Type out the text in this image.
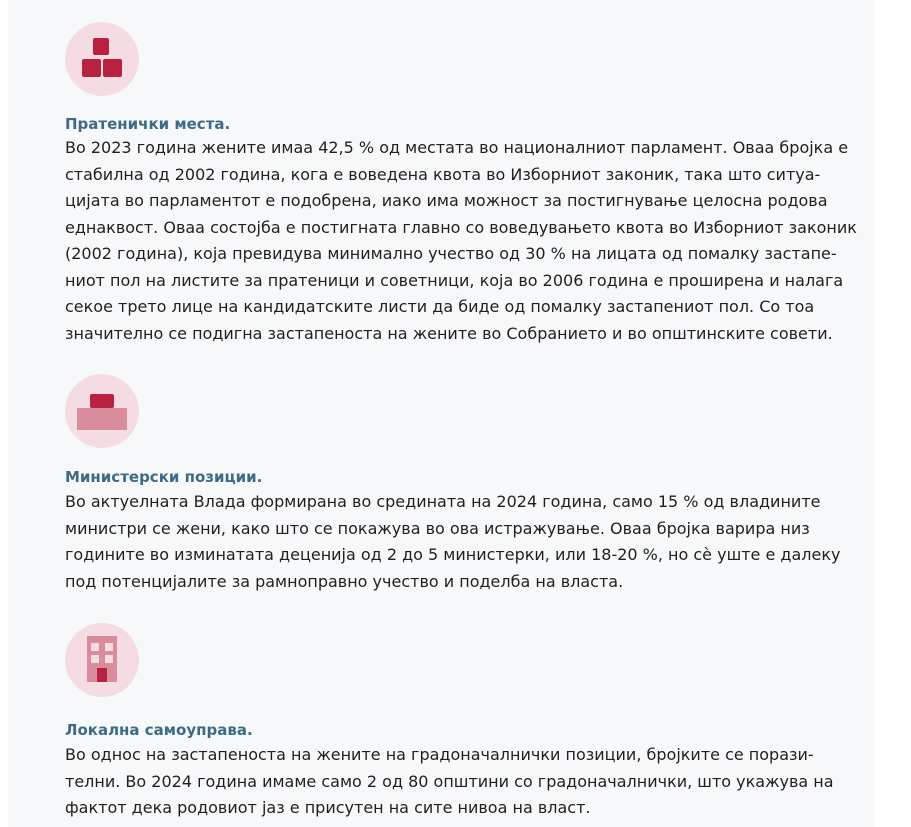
Пратенички места.

Во 2023 година жените имаа 42,5 % од местата во националниот парламент. Оваа бројка е
стабилна од 2002 година, кога е воведена квота во Изборниот законик, така што ситуа-
цијата во парламентот е подобрена, иако има можност за постигнување целосна родова
еднаквост. Оваа состојба е постигната главно со воведувањето квота во Изборниот законик
(2002 година), која превидува минимално учество од 30 % на лицата од помалку застапе-
ниот пол на листите за пратеници и советници, која во 2006 година е проширена и налага
секое трето лице на кандидатските листи да биде од помалку застапениот пол. Со тоа
значително се подигна застапеноста на жените во Собранието и во општинските совети.

Министерски позиции.

Во актуелната Влада формирана во средината на 2024 година, само 15 % од владините
министри се жени, како што се покажува во ова истражување. Оваа бројка варира низ
годините во изминатата деценија од 2 до 5 министерки, или 18-20 %, но сè уште е далеку
под потенцијалите за рамноправно учество и поделба на власта.

Локална самоуправа.

Во однос на застапеноста на жените на градоначалнички позиции, бројките се порази-
телни. Во 2024 година имаме само 2 од 80 општини со градоначалнички, што укажува на
фактот дека родовиот јаз е присутен на сите нивоа на власт.
